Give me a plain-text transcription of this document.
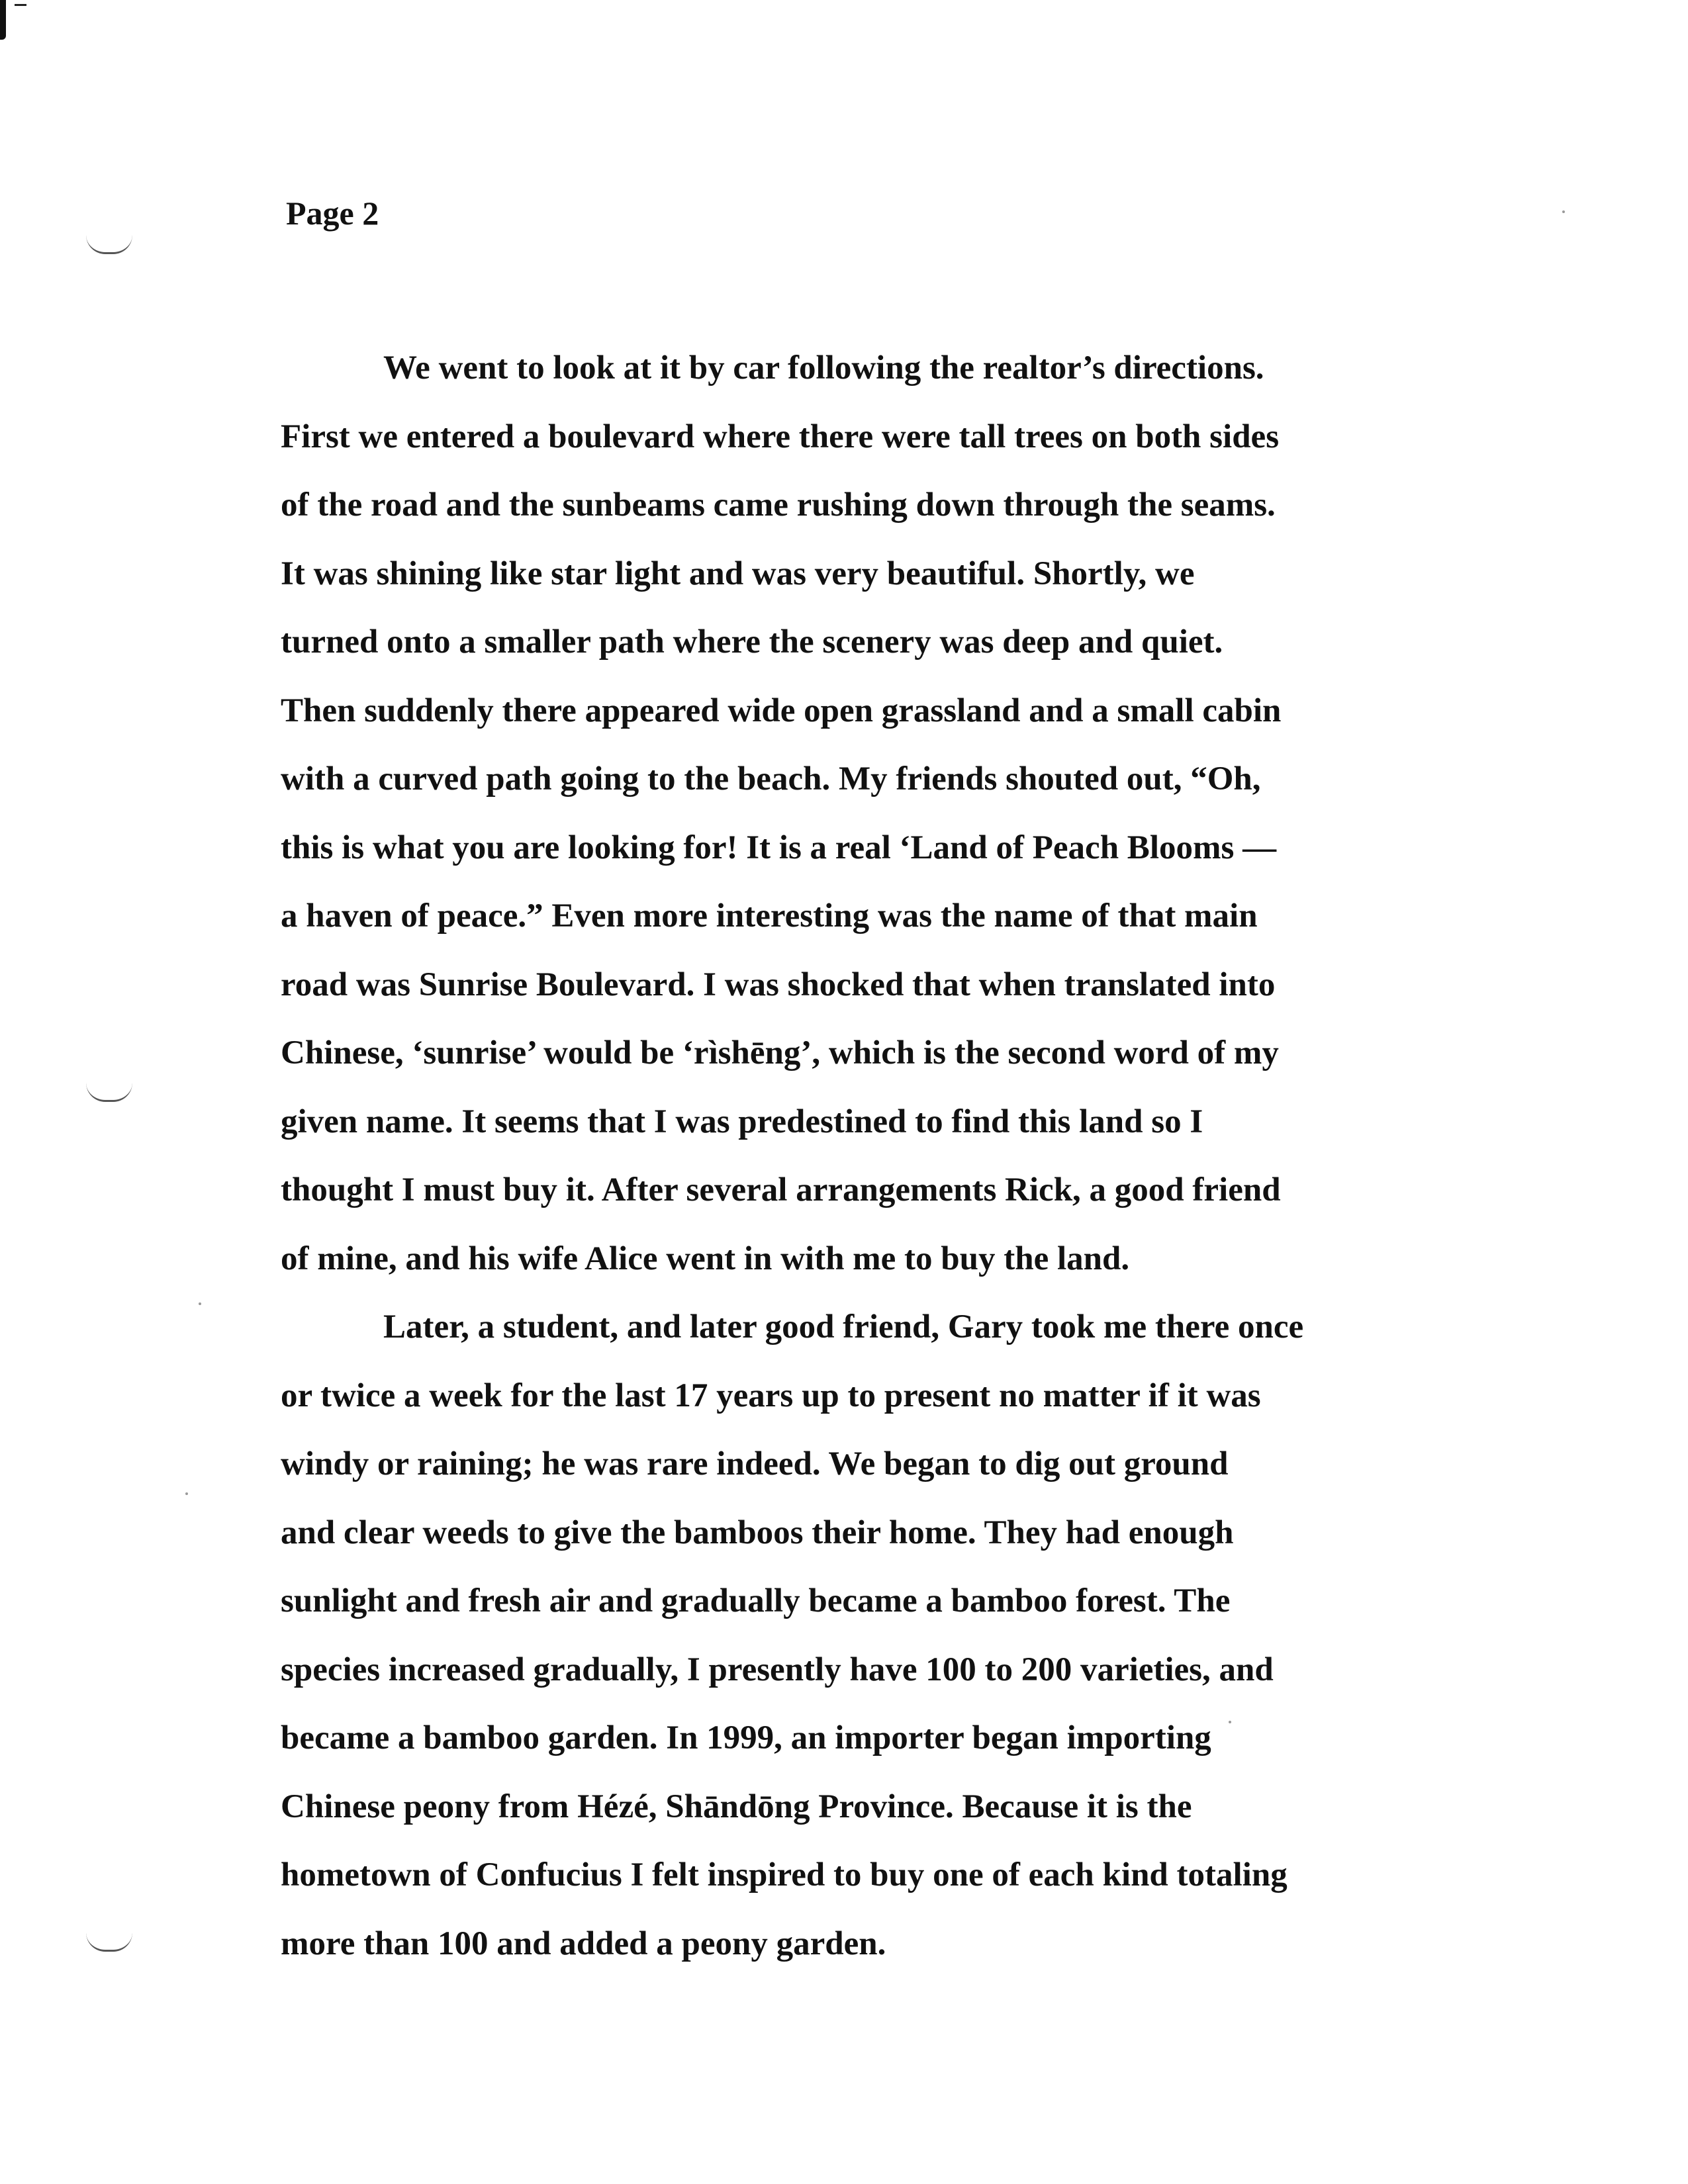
Page 2

We went to look at it by car following the realtor’s directions.
First we entered a boulevard where there were tall trees on both sides
of the road and the sunbeams came rushing down through the seams.
It was shining like star light and was very beautiful. Shortly, we
turned onto a smaller path where the scenery was deep and quiet.
Then suddenly there appeared wide open grassland and a small cabin
with a curved path going to the beach. My friends shouted out, “Oh,
this is what you are looking for! It is a real ‘Land of Peach Blooms —
a haven of peace.” Even more interesting was the name of that main
road was Sunrise Boulevard. I was shocked that when translated into
Chinese, ‘sunrise’ would be ‘rìshēng’, which is the second word of my
given name. It seems that I was predestined to find this land so I
thought I must buy it. After several arrangements Rick, a good friend
of mine, and his wife Alice went in with me to buy the land.
Later, a student, and later good friend, Gary took me there once
or twice a week for the last 17 years up to present no matter if it was
windy or raining; he was rare indeed. We began to dig out ground
and clear weeds to give the bamboos their home. They had enough
sunlight and fresh air and gradually became a bamboo forest. The
species increased gradually, I presently have 100 to 200 varieties, and
became a bamboo garden. In 1999, an importer began importing
Chinese peony from Hézé, Shāndōng Province. Because it is the
hometown of Confucius I felt inspired to buy one of each kind totaling
more than 100 and added a peony garden.
